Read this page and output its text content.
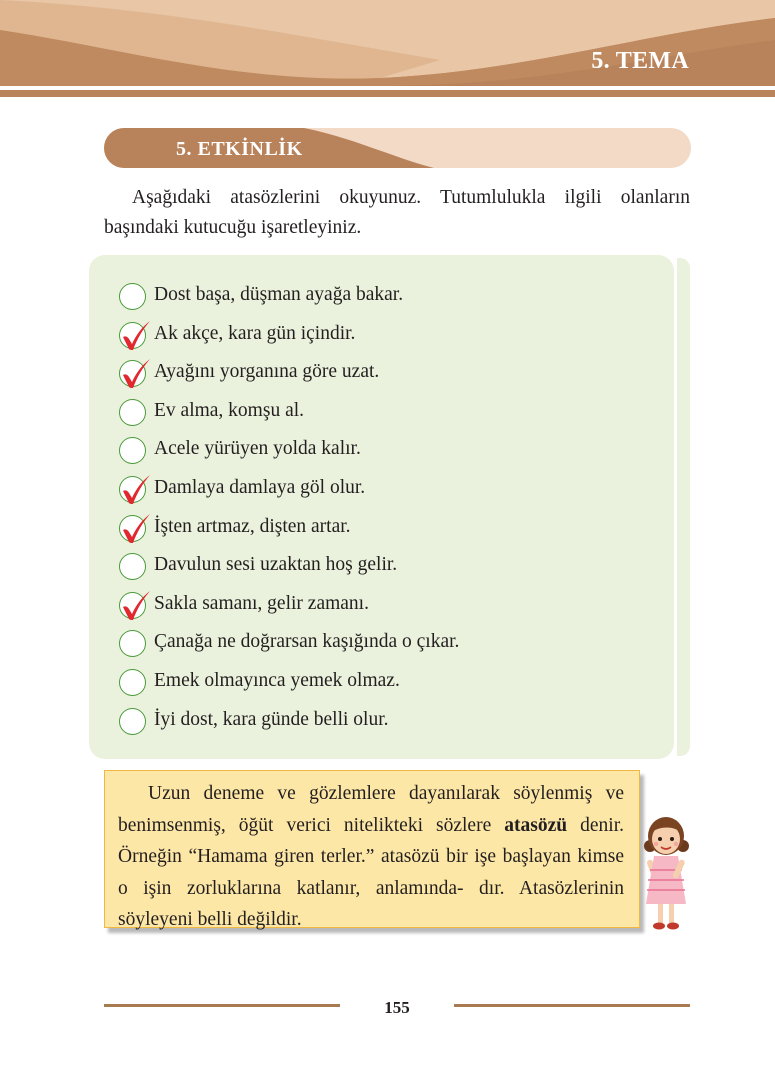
5. TEMA
5. ETKİNLİK
Aşağıdaki atasözlerini okuyunuz. Tutumlulukla ilgili olanların başındaki kutucuğu işaretleyiniz.
Dost başa, düşman ayağa bakar.
Ak akçe, kara gün içindir.
Ayağını yorganına göre uzat.
Ev alma, komşu al.
Acele yürüyen yolda kalır.
Damlaya damlaya göl olur.
İşten artmaz, dişten artar.
Davulun sesi uzaktan hoş gelir.
Sakla samanı, gelir zamanı.
Çanağa ne doğrarsan kaşığında o çıkar.
Emek olmayınca yemek olmaz.
İyi dost, kara günde belli olur.
Uzun deneme ve gözlemlere dayanılarak söylenmiş ve benimsenmiş, öğüt verici nitelikteki sözlere atasözü denir. Örneğin “Hamama giren terler.” atasözü bir işe başlayan kimse o işin zorluklarına katlanır, anlamında- dır. Atasözlerinin söyleyeni belli değildir.
155
